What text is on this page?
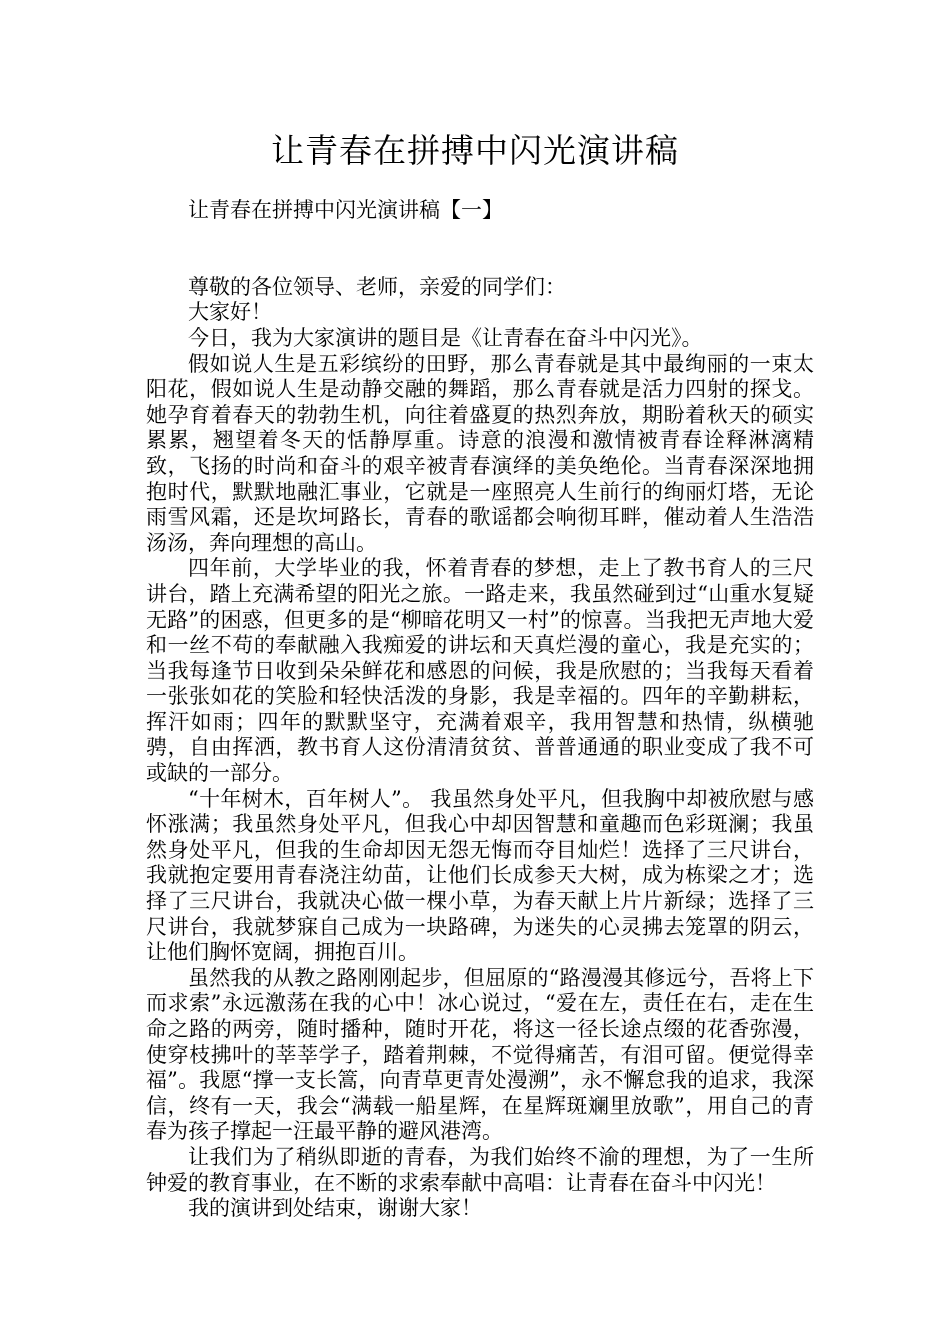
让青春在拼搏中闪光演讲稿

让青春在拼搏中闪光演讲稿【一】

尊敬的各位领导、老师，亲爱的同学们：

大家好！

今日，我为大家演讲的题目是《让青春在奋斗中闪光》。

假如说人生是五彩缤纷的田野，那么青春就是其中最绚丽的一束太阳花，假如说人生是动静交融的舞蹈，那么青春就是活力四射的探戈。她孕育着春天的勃勃生机，向往着盛夏的热烈奔放，期盼着秋天的硕实累累，翘望着冬天的恬静厚重。诗意的浪漫和激情被青春诠释淋漓精致，飞扬的时尚和奋斗的艰辛被青春演绎的美奂绝伦。当青春深深地拥抱时代，默默地融汇事业，它就是一座照亮人生前行的绚丽灯塔，无论雨雪风霜，还是坎坷路长，青春的歌谣都会响彻耳畔，催动着人生浩浩汤汤，奔向理想的高山。

四年前，大学毕业的我，怀着青春的梦想，走上了教书育人的三尺讲台，踏上充满希望的阳光之旅。一路走来，我虽然碰到过“山重水复疑无路”的困惑，但更多的是“柳暗花明又一村”的惊喜。当我把无声地大爱和一丝不苟的奉献融入我痴爱的讲坛和天真烂漫的童心，我是充实的；当我每逢节日收到朵朵鲜花和感恩的问候，我是欣慰的；当我每天看着一张张如花的笑脸和轻快活泼的身影，我是幸福的。四年的辛勤耕耘，挥汗如雨；四年的默默坚守，充满着艰辛，我用智慧和热情，纵横驰骋，自由挥洒，教书育人这份清清贫贫、普普通通的职业变成了我不可或缺的一部分。

“十年树木，百年树人”。 我虽然身处平凡，但我胸中却被欣慰与感怀涨满；我虽然身处平凡，但我心中却因智慧和童趣而色彩斑澜；我虽然身处平凡，但我的生命却因无怨无悔而夺目灿烂！选择了三尺讲台，我就抱定要用青春浇注幼苗，让他们长成参天大树，成为栋梁之才；选择了三尺讲台，我就决心做一棵小草，为春天献上片片新绿；选择了三尺讲台，我就梦寐自己成为一块路碑，为迷失的心灵拂去笼罩的阴云，让他们胸怀宽阔，拥抱百川。

虽然我的从教之路刚刚起步，但屈原的“路漫漫其修远兮，吾将上下而求索”永远激荡在我的心中！冰心说过，“爱在左，责任在右，走在生命之路的两旁，随时播种，随时开花，将这一径长途点缀的花香弥漫，使穿枝拂叶的莘莘学子，踏着荆棘，不觉得痛苦，有泪可留。便觉得幸福”。我愿“撑一支长篙，向青草更青处漫溯”，永不懈怠我的追求，我深信，终有一天，我会“满载一船星辉，在星辉斑斓里放歌”，用自己的青春为孩子撑起一汪最平静的避风港湾。

让我们为了稍纵即逝的青春，为我们始终不渝的理想，为了一生所钟爱的教育事业，在不断的求索奉献中高唱：让青春在奋斗中闪光！

我的演讲到处结束，谢谢大家！
